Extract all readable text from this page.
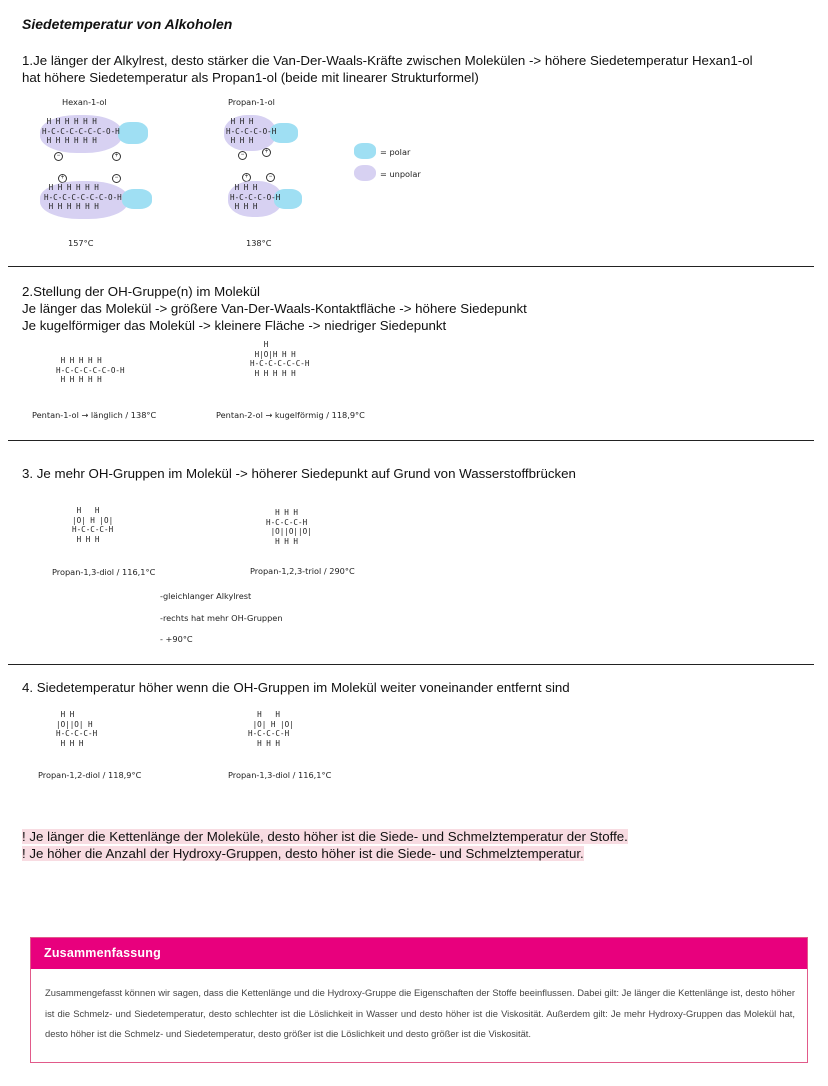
Siedetemperatur von Alkoholen
1.Je länger der Alkylrest, desto stärker die Van-Der-Waals-Kräfte zwischen Molekülen -> höhere Siedetemperatur Hexan1-ol
hat höhere Siedetemperatur als Propan1-ol (beide mit linearer Strukturformel)
Hexan-1-ol	Propan-1-ol
H H H H H H
H-C-C-C-C-C-C-O-H
H H H H H H
−	+
+	−
H H H H H H
H-C-C-C-C-C-C-O-H
H H H H H H
H H H
H-C-C-C-O-H
H H H
−	+
+	−
H H H
H-C-C-C-O-H
H H H
= polar
= unpolar
157°C	138°C
2.Stellung der OH-Gruppe(n) im Molekül
Je länger das Molekül -> größere Van-Der-Waals-Kontaktfläche -> höhere Siedepunkt
Je kugelförmiger das Molekül -> kleinere Fläche -> niedriger Siedepunkt
H H H H H
H-C-C-C-C-C-O-H
H H H H H
H
H|O|H H H
H-C-C-C-C-C-H
H H H H H
Pentan-1-ol → länglich / 138°C	Pentan-2-ol → kugelförmig / 118,9°C
3. Je mehr OH-Gruppen im Molekül -> höherer Siedepunkt auf Grund von Wasserstoffbrücken
H   H
|O| H |O|
H-C-C-C-H
H H H
H H H
H-C-C-C-H
|O||O||O|
H H H
Propan-1,3-diol / 116,1°C	Propan-1,2,3-triol / 290°C
-gleichlanger Alkylrest
-rechts hat mehr OH-Gruppen
- +90°C
4. Siedetemperatur höher wenn die OH-Gruppen im Molekül weiter voneinander entfernt sind
H H
|O||O| H
H-C-C-C-H
H H H
H   H
|O| H |O|
H-C-C-C-H
H H H
Propan-1,2-diol / 118,9°C	Propan-1,3-diol / 116,1°C
! Je länger die Kettenlänge der Moleküle, desto höher ist die Siede- und Schmelztemperatur der Stoffe.
! Je höher die Anzahl der Hydroxy-Gruppen, desto höher ist die Siede- und Schmelztemperatur.
Zusammenfassung
Zusammengefasst können wir sagen, dass die Kettenlänge und die Hydroxy-Gruppe die Eigenschaften der Stoffe beeinflussen. Dabei gilt: Je länger die Kettenlänge ist, desto höher ist die Schmelz- und Siedetemperatur, desto schlechter ist die Löslichkeit in Wasser und desto höher ist die Viskosität. Außerdem gilt: Je mehr Hydroxy-Gruppen das Molekül hat, desto höher ist die Schmelz- und Siedetemperatur, desto größer ist die Löslichkeit und desto größer ist die Viskosität.
